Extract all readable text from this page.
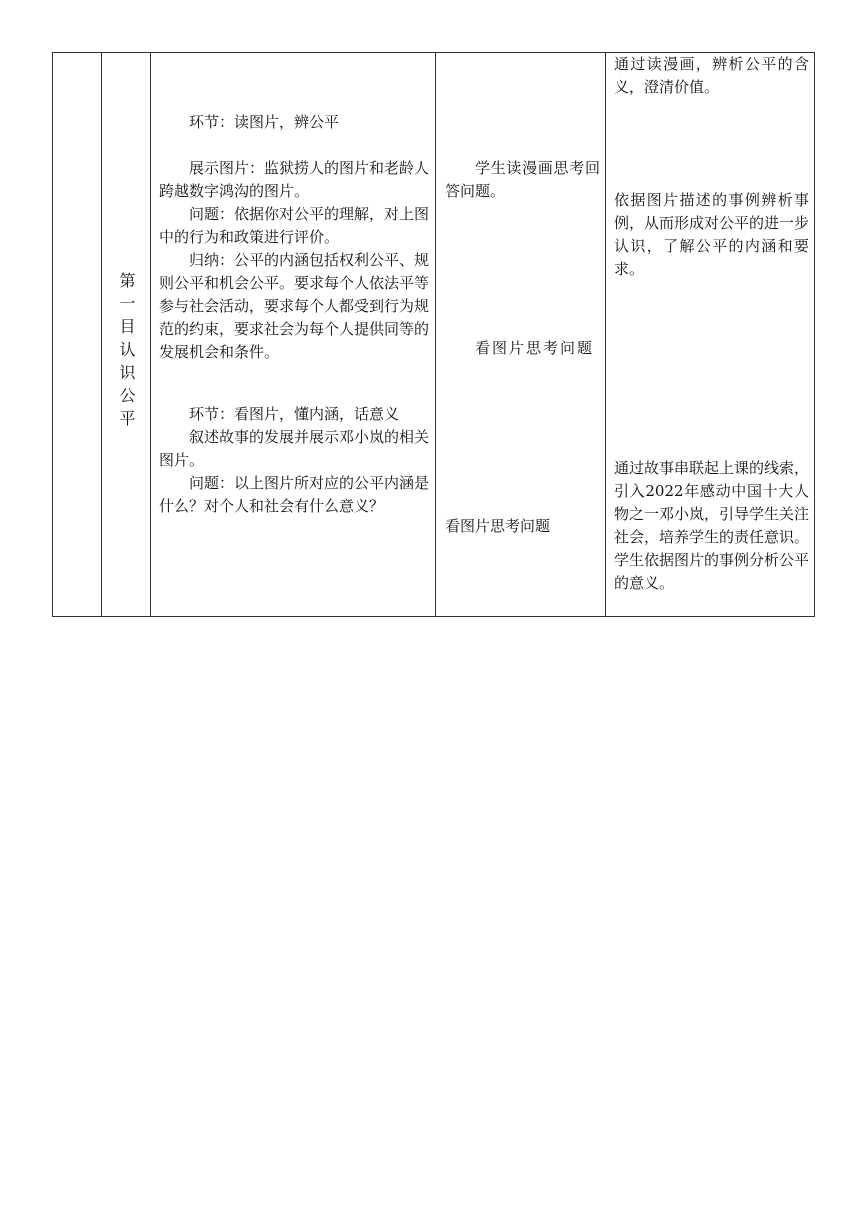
第一目认识公平

环节：读图片，辨公平
展示图片：监狱捞人的图片和老龄人跨越数字鸿沟的图片。
问题：依据你对公平的理解，对上图中的行为和政策进行评价。
归纳：公平的内涵包括权利公平、规则公平和机会公平。要求每个人依法平等参与社会活动，要求每个人都受到行为规范的约束，要求社会为每个人提供同等的发展机会和条件。
环节：看图片，懂内涵，话意义
叙述故事的发展并展示邓小岚的相关图片。
问题：以上图片所对应的公平内涵是什么？对个人和社会有什么意义？

学生读漫画思考回答问题。
看图片思考问题
看图片思考问题

通过读漫画，辨析公平的含义，澄清价值。
依据图片描述的事例辨析事例，从而形成对公平的进一步认识，了解公平的内涵和要求。
通过故事串联起上课的线索，引入2022年感动中国十大人物之一邓小岚，引导学生关注社会，培养学生的责任意识。学生依据图片的事例分析公平的意义。
